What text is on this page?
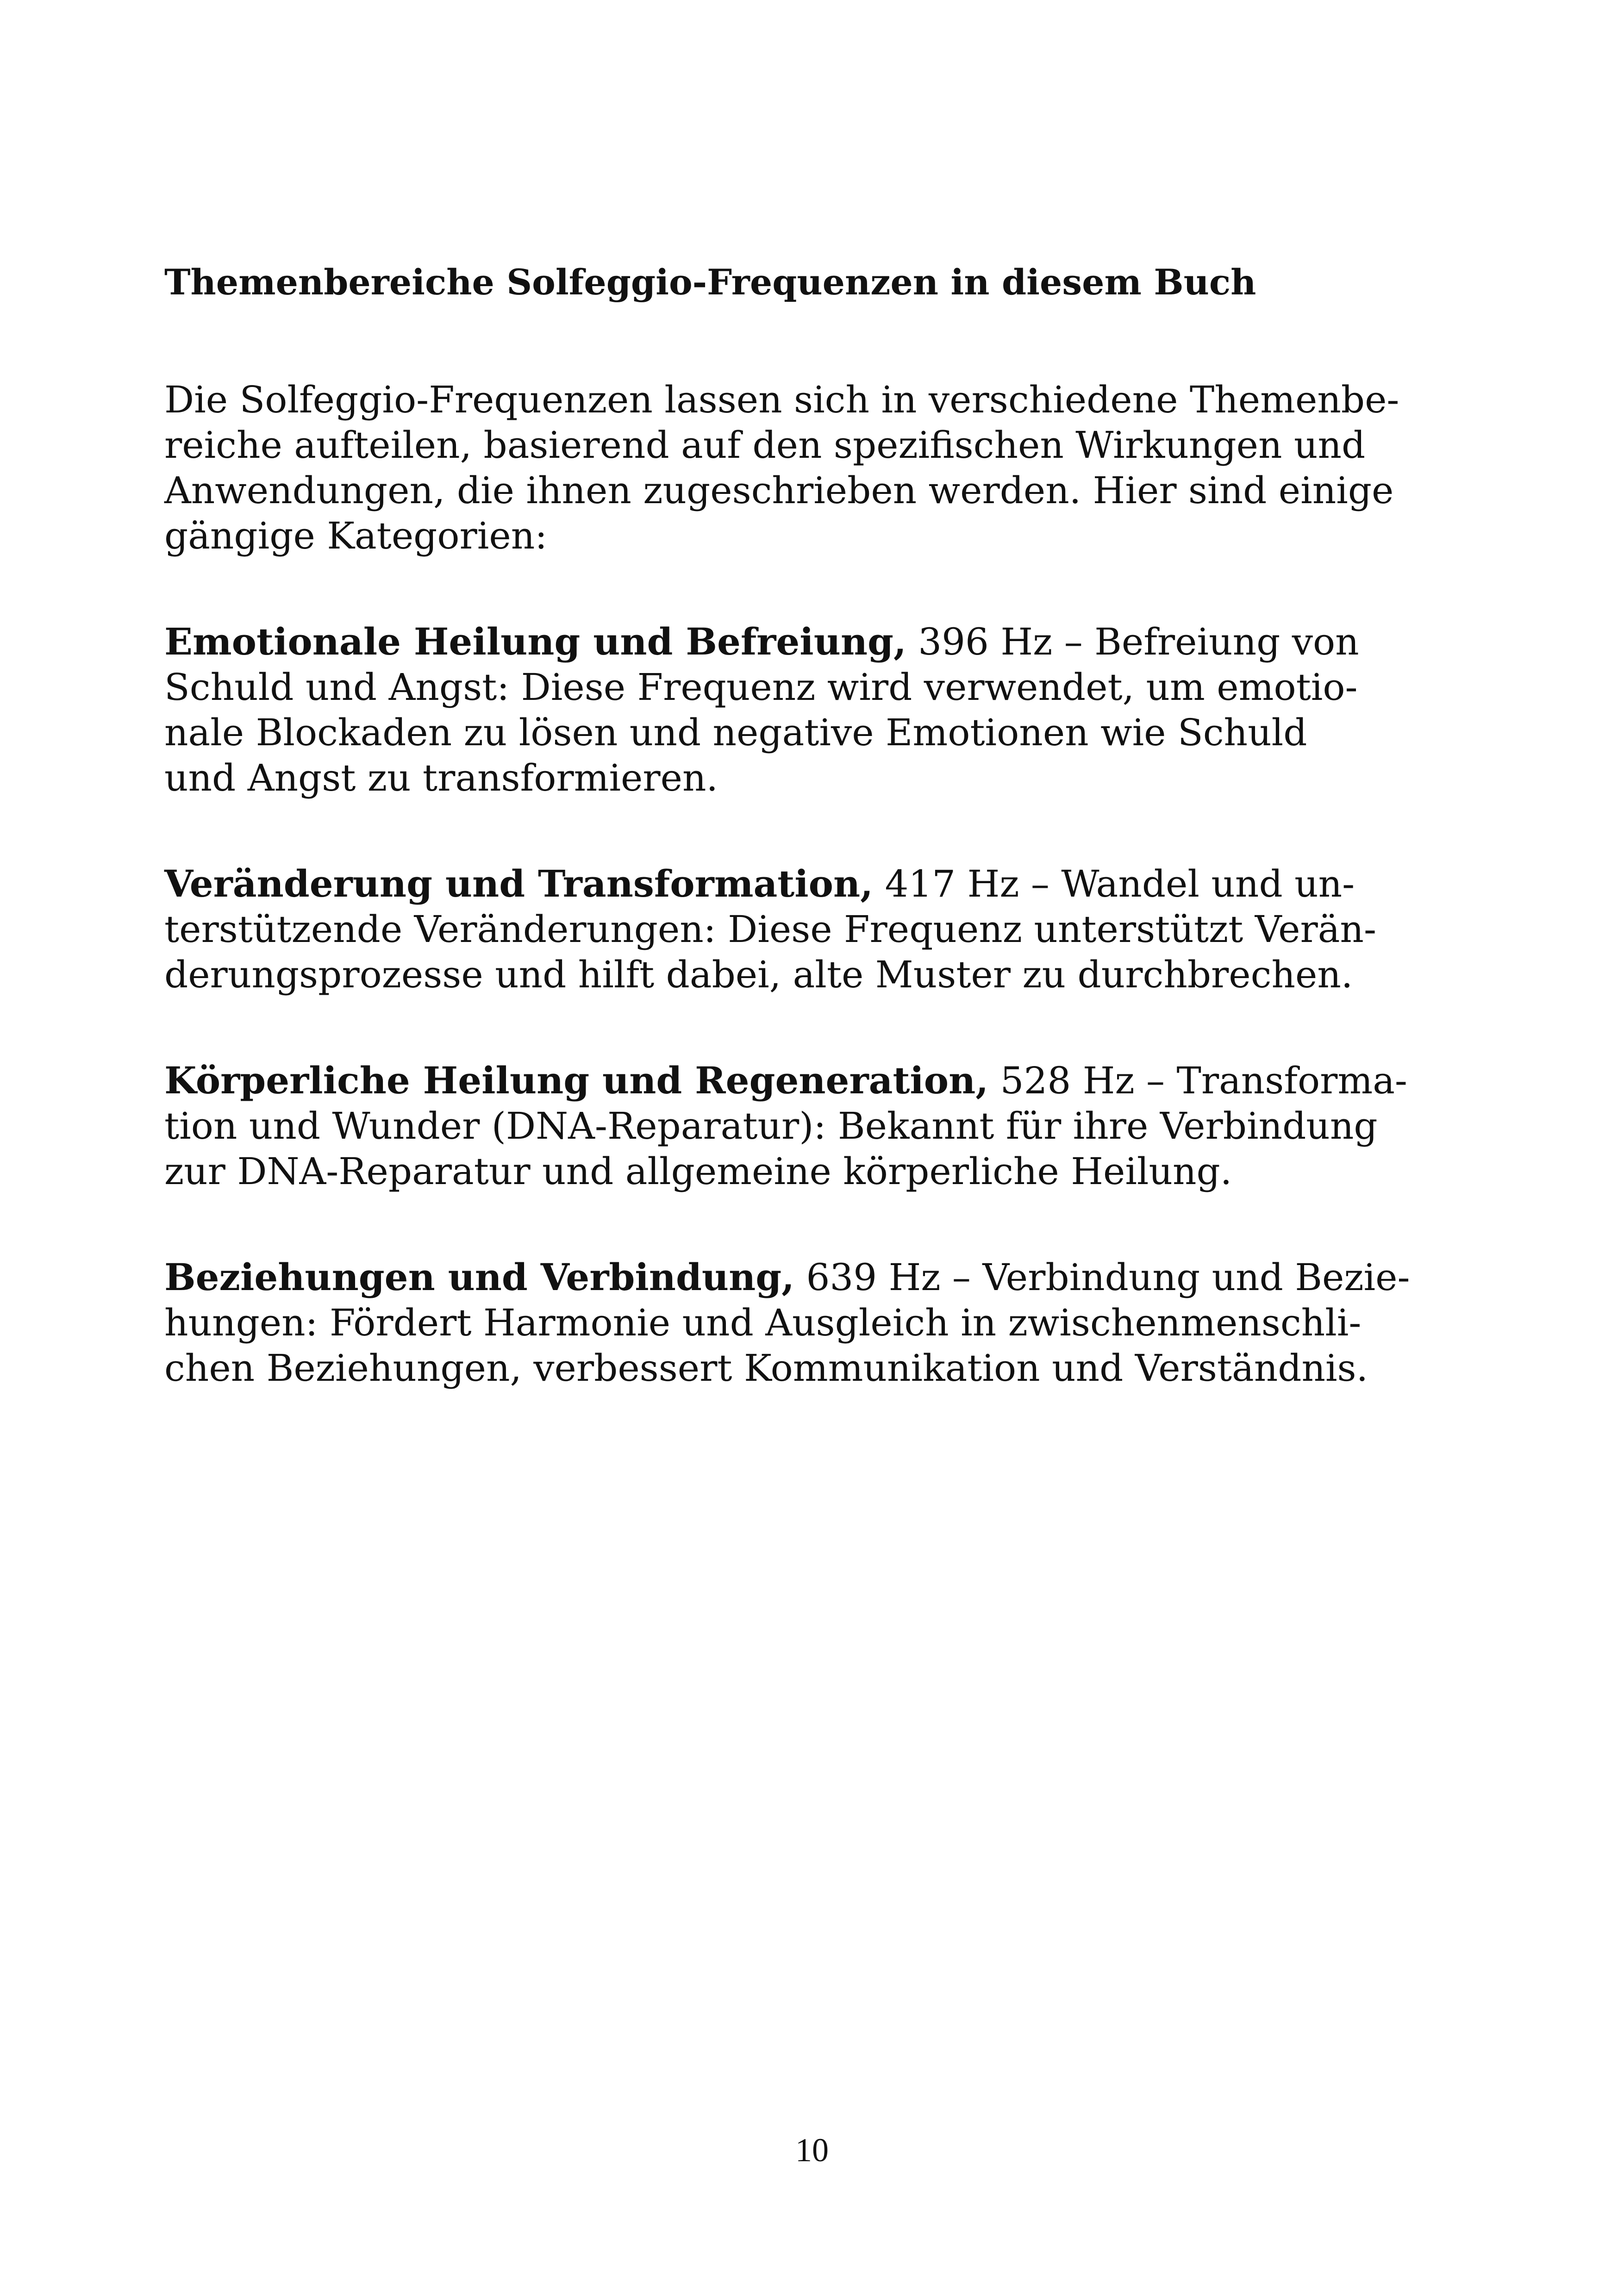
Themenbereiche Solfeggio-Frequenzen in diesem Buch

Die Solfeggio-Frequenzen lassen sich in verschiedene Themenbe-
reiche aufteilen, basierend auf den spezifischen Wirkungen und
Anwendungen, die ihnen zugeschrieben werden. Hier sind einige
gängige Kategorien:

Emotionale Heilung und Befreiung, 396 Hz – Befreiung von
Schuld und Angst: Diese Frequenz wird verwendet, um emotio-
nale Blockaden zu lösen und negative Emotionen wie Schuld
und Angst zu transformieren.

Veränderung und Transformation, 417 Hz – Wandel und un-
terstützende Veränderungen: Diese Frequenz unterstützt Verän-
derungsprozesse und hilft dabei, alte Muster zu durchbrechen.

Körperliche Heilung und Regeneration, 528 Hz – Transforma-
tion und Wunder (DNA-Reparatur): Bekannt für ihre Verbindung
zur DNA-Reparatur und allgemeine körperliche Heilung.

Beziehungen und Verbindung, 639 Hz – Verbindung und Bezie-
hungen: Fördert Harmonie und Ausgleich in zwischenmenschli-
chen Beziehungen, verbessert Kommunikation und Verständnis.

10
